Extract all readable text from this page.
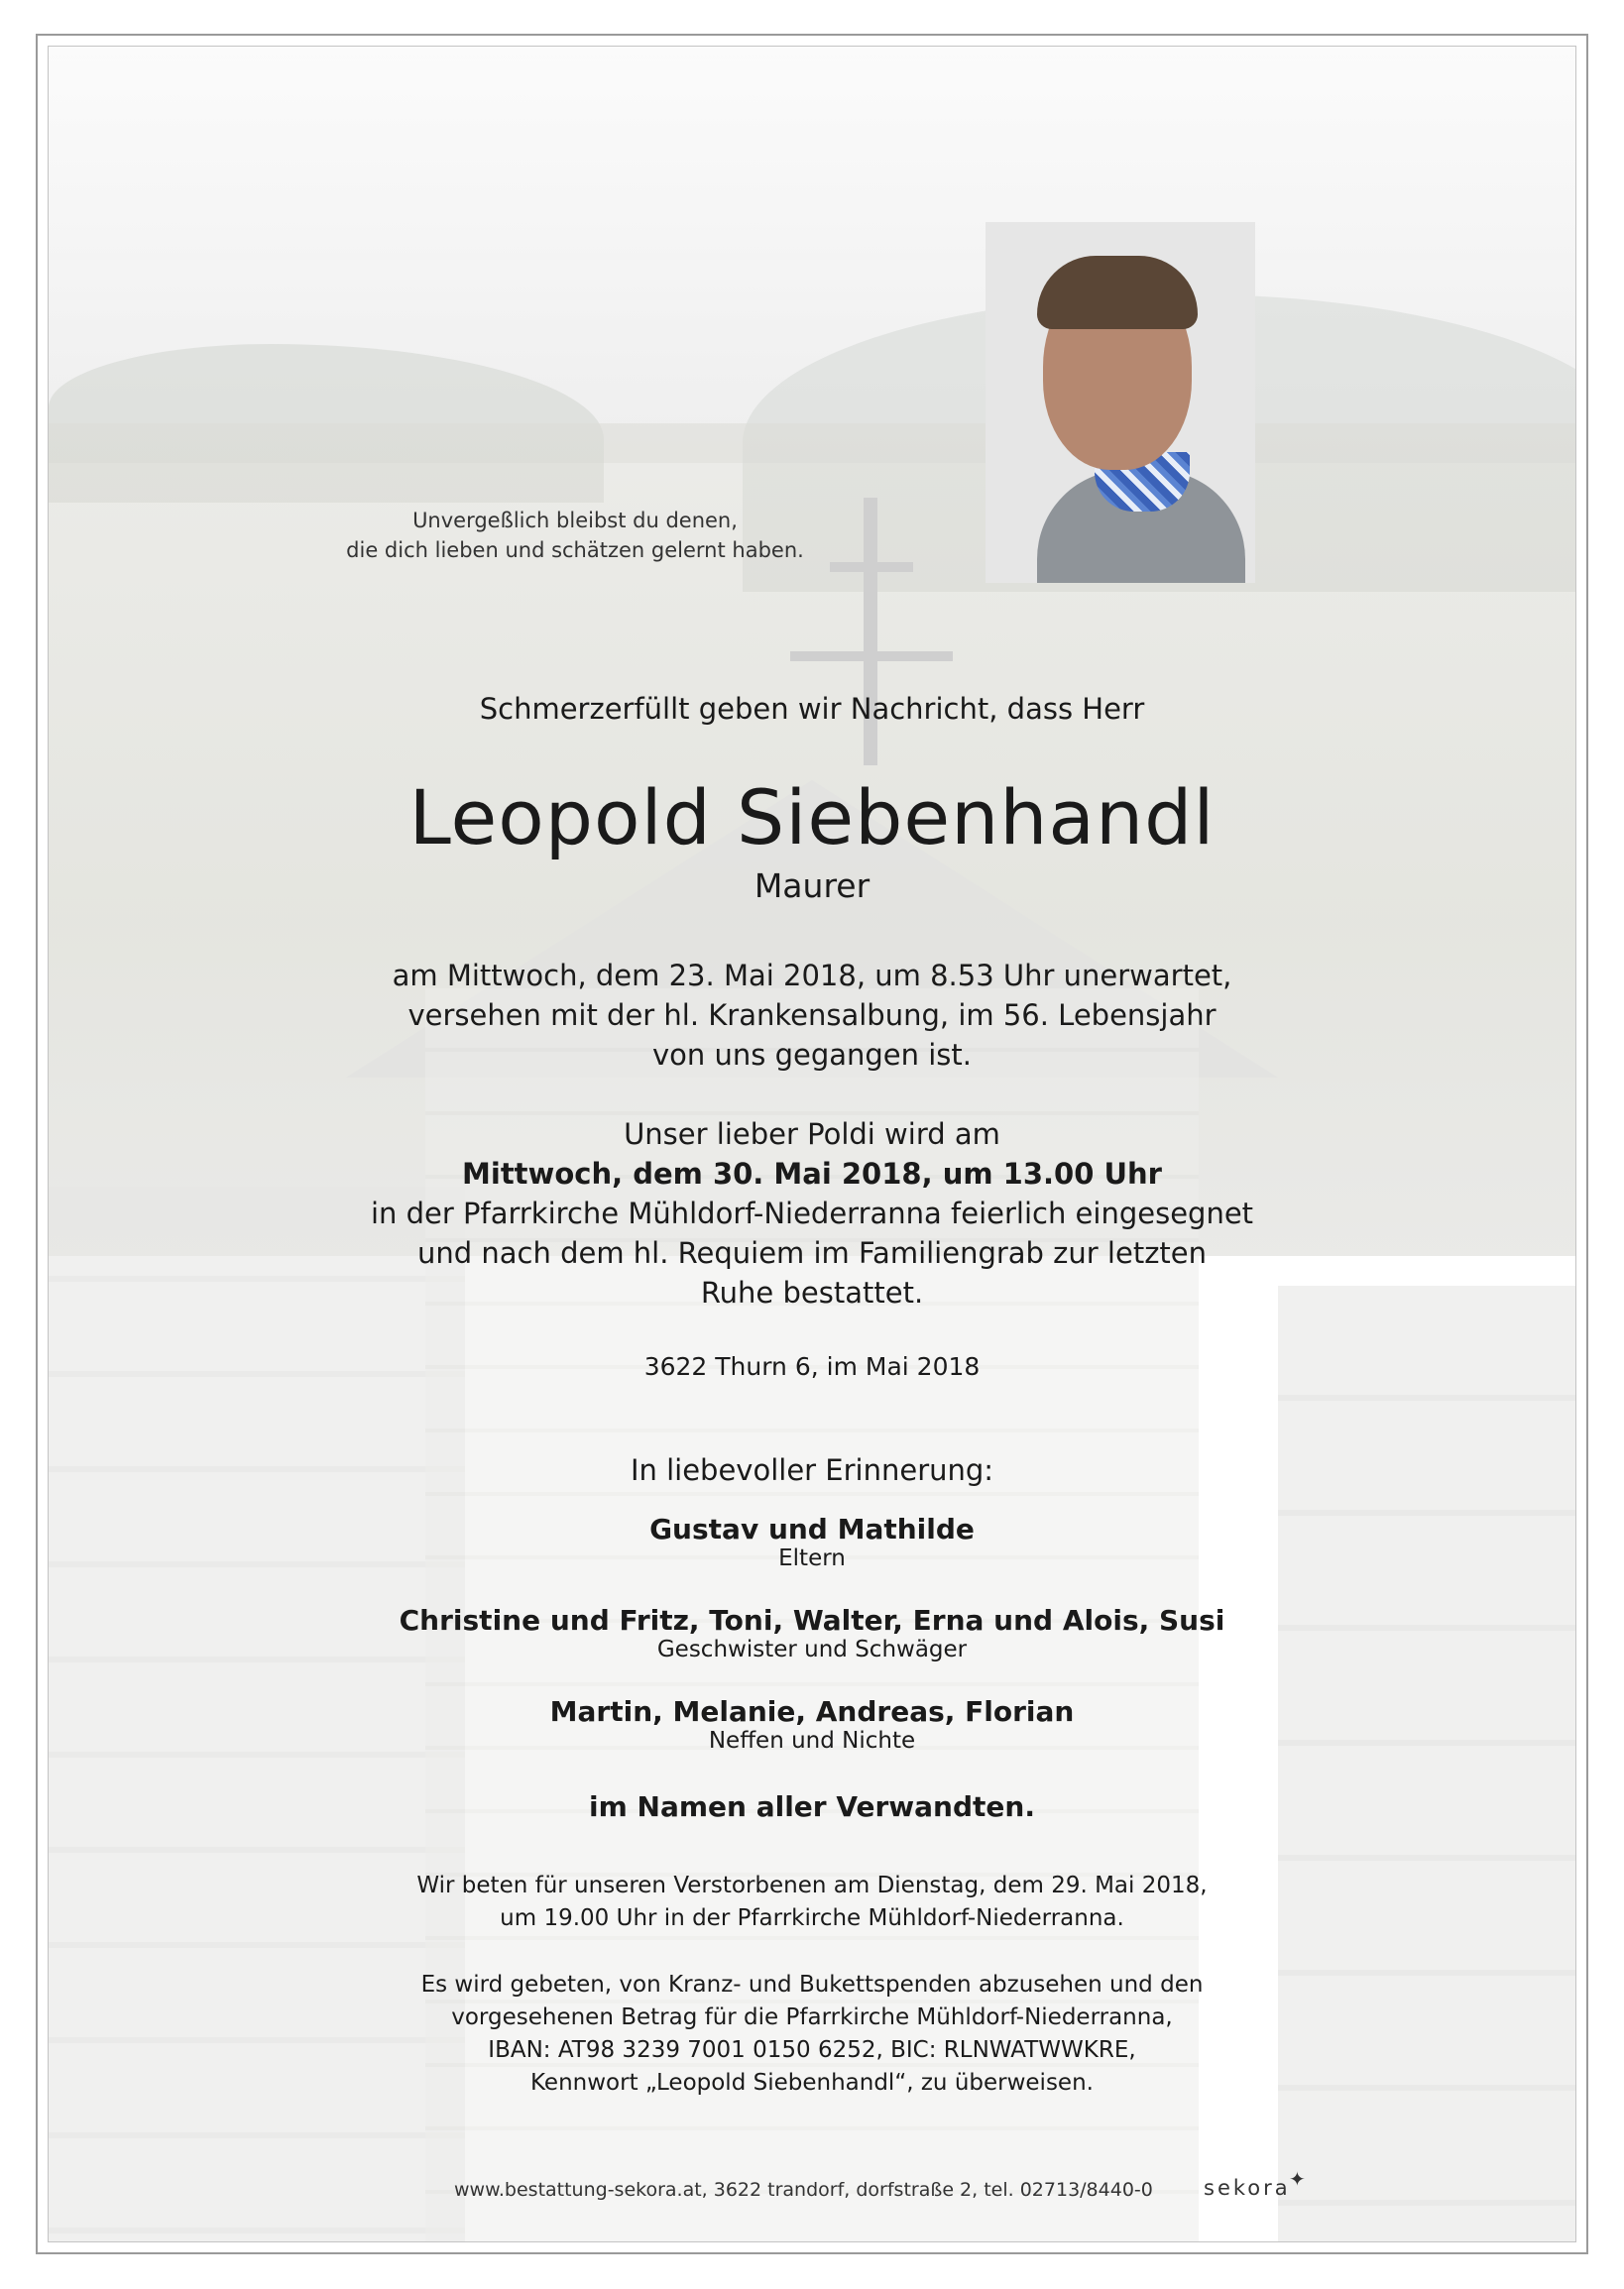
Unvergeßlich bleibst du denen,
die dich lieben und schätzen gelernt haben.
Schmerzerfüllt geben wir Nachricht, dass Herr
Leopold Siebenhandl
Maurer
am Mittwoch, dem 23. Mai 2018, um 8.53 Uhr unerwartet,
versehen mit der hl. Krankensalbung, im 56. Lebensjahr
von uns gegangen ist.
Unser lieber Poldi wird am
Mittwoch, dem 30. Mai 2018, um 13.00 Uhr
in der Pfarrkirche Mühldorf-Niederranna feierlich eingesegnet
und nach dem hl. Requiem im Familiengrab zur letzten
Ruhe bestattet.
3622 Thurn 6, im Mai 2018
In liebevoller Erinnerung:
Gustav und Mathilde
Eltern
Christine und Fritz, Toni, Walter, Erna und Alois, Susi
Geschwister und Schwäger
Martin, Melanie, Andreas, Florian
Neffen und Nichte
im Namen aller Verwandten.
Wir beten für unseren Verstorbenen am Dienstag, dem 29. Mai 2018,
um 19.00 Uhr in der Pfarrkirche Mühldorf-Niederranna.
Es wird gebeten, von Kranz- und Bukettspenden abzusehen und den
vorgesehenen Betrag für die Pfarrkirche Mühldorf-Niederranna,
IBAN: AT98 3239 7001 0150 6252, BIC: RLNWATWWKRE,
Kennwort „Leopold Siebenhandl“, zu überweisen.
www.bestattung-sekora.at, 3622 trandorf, dorfstraße 2, tel. 02713/8440-0 sekora
✦
